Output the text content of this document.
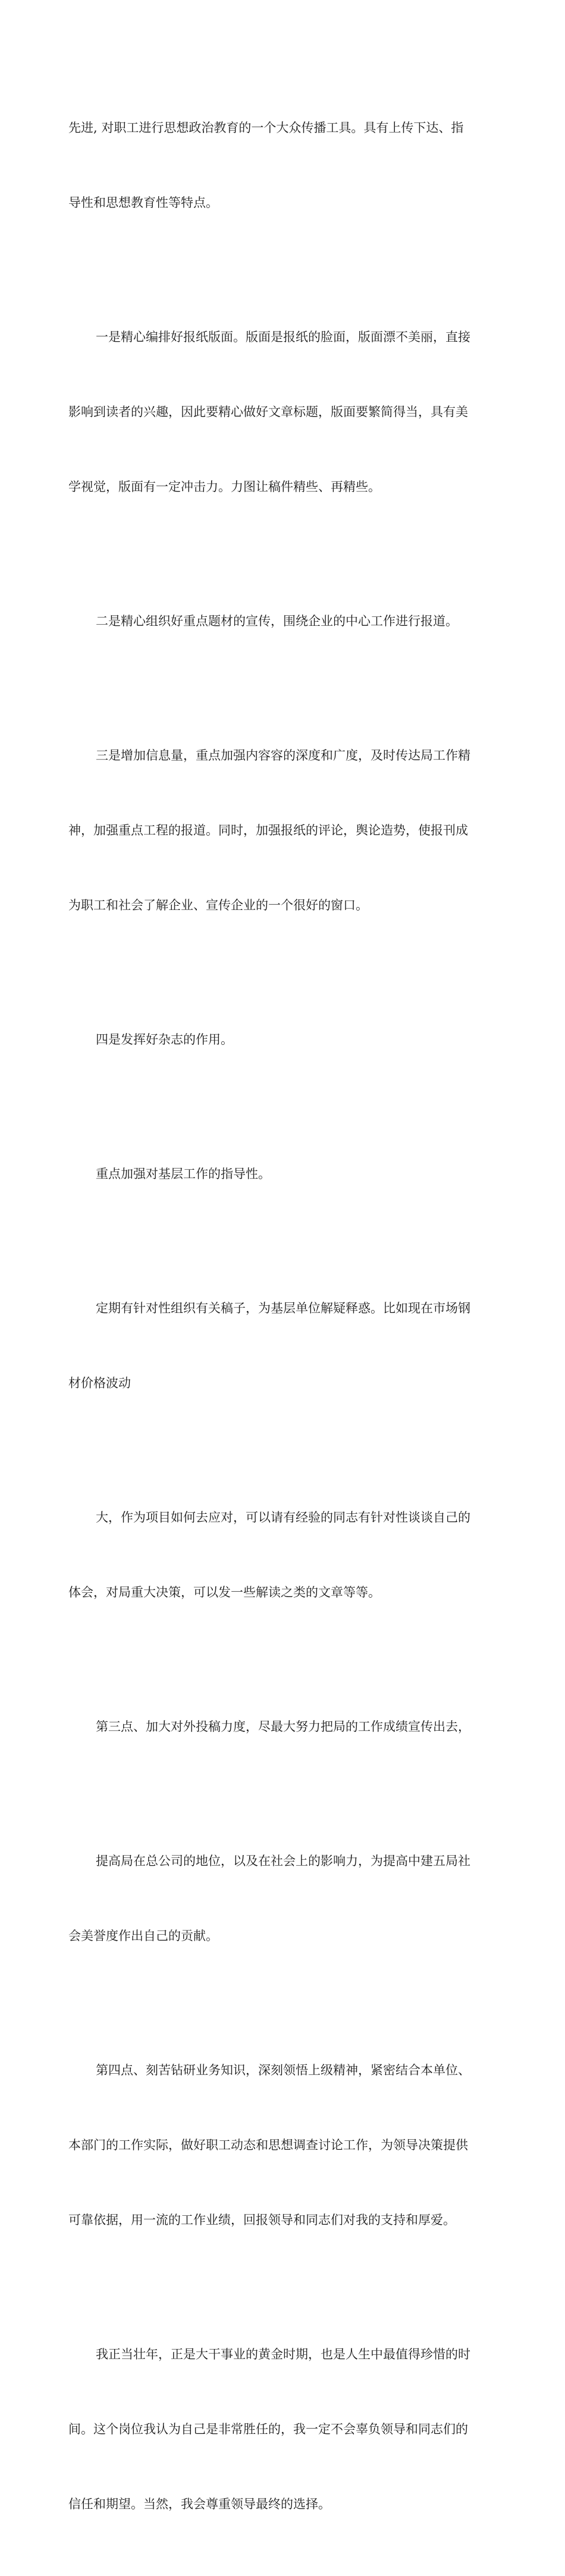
先进, 对职工进行思想政治教育的一个大众传播工具。具有上传下达、指

导性和思想教育性等特点。

一是精心编排好报纸版面。版面是报纸的脸面，版面漂不美丽，直接

影响到读者的兴趣，因此要精心做好文章标题，版面要繁简得当，具有美

学视觉，版面有一定冲击力。力图让稿件精些、再精些。

二是精心组织好重点题材的宣传，围绕企业的中心工作进行报道。

三是增加信息量，重点加强内容容的深度和广度，及时传达局工作精

神，加强重点工程的报道。同时，加强报纸的评论，舆论造势，使报刊成

为职工和社会了解企业、宣传企业的一个很好的窗口。

四是发挥好杂志的作用。

重点加强对基层工作的指导性。

定期有针对性组织有关稿子，为基层单位解疑释惑。比如现在市场钢

材价格波动

大，作为项目如何去应对，可以请有经验的同志有针对性谈谈自己的

体会，对局重大决策，可以发一些解读之类的文章等等。

第三点、加大对外投稿力度，尽最大努力把局的工作成绩宣传出去，

提高局在总公司的地位，以及在社会上的影响力，为提高中建五局社

会美誉度作出自己的贡献。

第四点、刻苦钻研业务知识，深刻领悟上级精神，紧密结合本单位、

本部门的工作实际，做好职工动态和思想调查讨论工作，为领导决策提供

可靠依据，用一流的工作业绩，回报领导和同志们对我的支持和厚爱。

我正当壮年，正是大干事业的黄金时期，也是人生中最值得珍惜的时

间。这个岗位我认为自己是非常胜任的，我一定不会辜负领导和同志们的

信任和期望。当然，我会尊重领导最终的选择。
